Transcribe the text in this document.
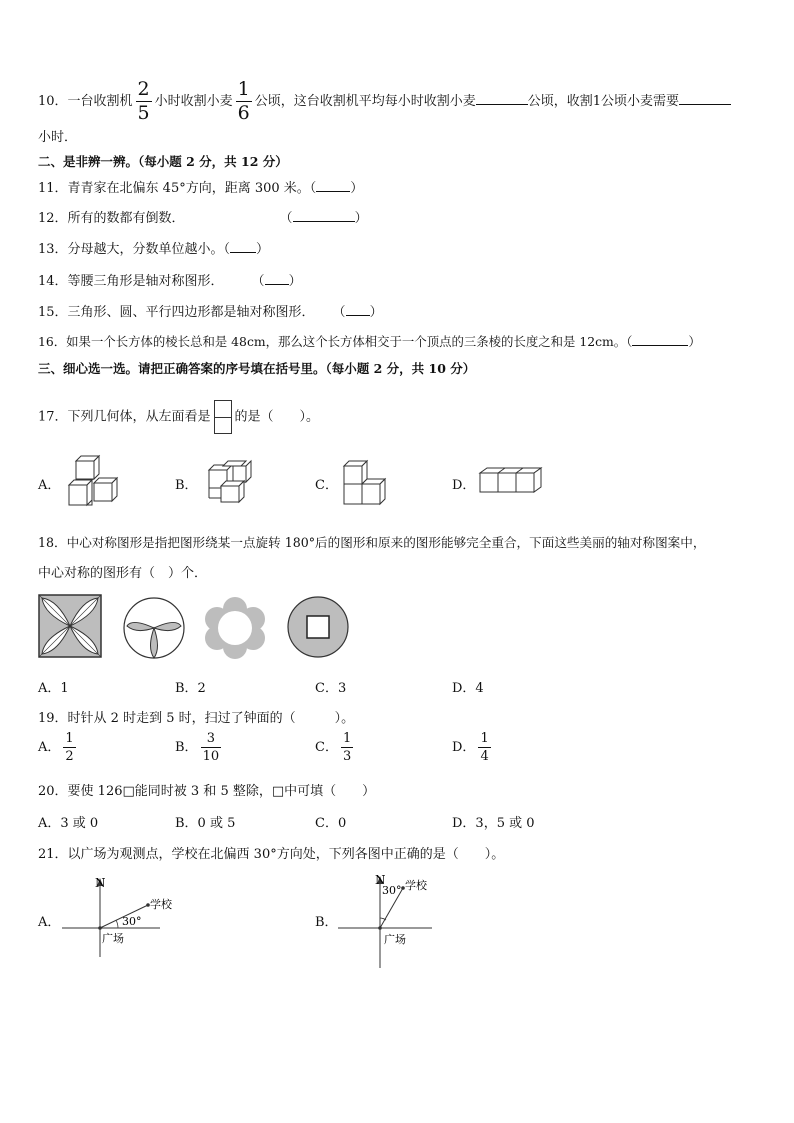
10．一台收割机 $\frac{2}{5}$ 小时收割小麦 $\frac{1}{6}$ 公顷，这台收割机平均每小时收割小麦	公顷，收割1公顷小麦需要
小时．
二、是非辨一辨。（每小题 2 分，共 12 分）
11．青青家在北偏东 45°方向，距离 300 米。（	）
12．所有的数都有倒数．	（	）
13．分母越大，分数单位越小。（ ）
14．等腰三角形是轴对称图形． （ ）
15．三角形、圆、平行四边形都是轴对称图形． （ ）
16．如果一个长方体的棱长总和是 48cm，那么这个长方体相交于一个顶点的三条棱的长度之和是 12cm。（	）
三、细心选一选。请把正确答案的序号填在括号里。（每小题 2 分，共 10 分）
17．下列几何体，从左面看是 的是（　　）。
A．	B．	C．	D．
18．中心对称图形是指把图形绕某一点旋转 180°后的图形和原来的图形能够完全重合，下面这些美丽的轴对称图案中，
中心对称的图形有（　）个．
A．1	B．2	C．3	D．4
19．时针从 2 时走到 5 时，扫过了钟面的（　　　）。
A． $\frac{1}{2}$	B． $\frac{3}{10}$	C． $\frac{1}{3}$	D． $\frac{1}{4}$
20．要使 126□能同时被 3 和 5 整除，□中可填（　　）
A．3 或 0	B．0 或 5	C．0	D．3，5 或 0
21．以广场为观测点，学校在北偏西 30°方向处，下列各图中正确的是（　　）。
A．	B．
N
学校
广场
30°
N 学校
广场
30°
